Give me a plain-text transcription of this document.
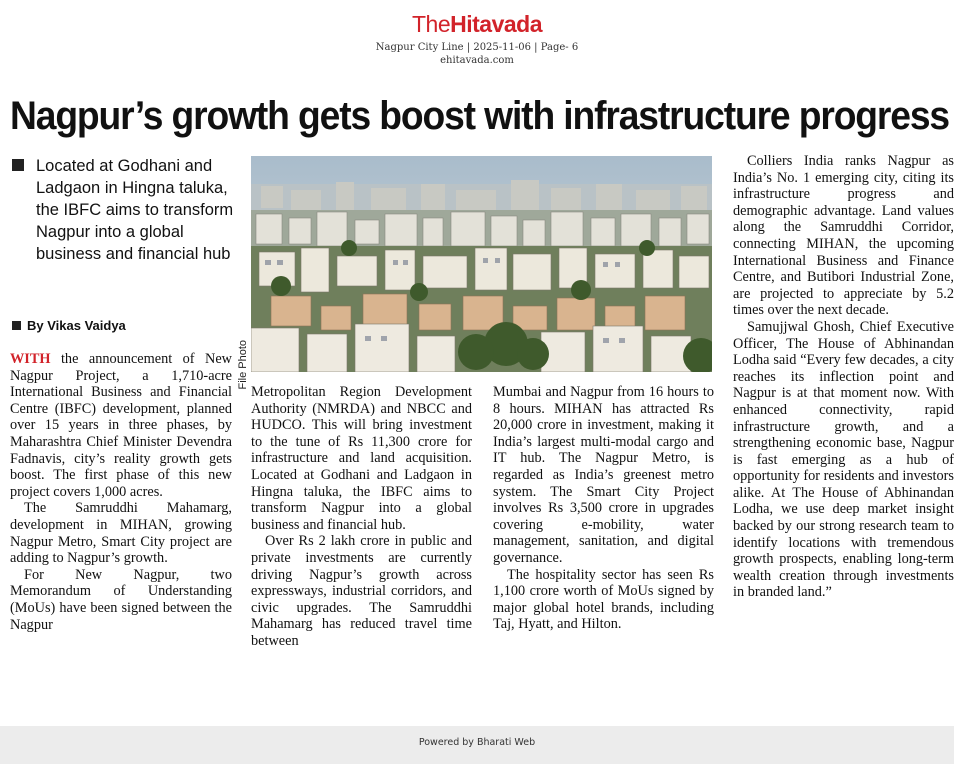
TheHitavada
Nagpur City Line | 2025-11-06 | Page- 6
ehitavada.com
Nagpur’s growth gets boost with infrastructure progress
Located at Godhani and Ladgaon in Hingna taluka, the IBFC aims to transform Nagpur into a global business and financial hub
By Vikas Vaidya
File Photo

WITH the announcement of New Nagpur Project, a 1,710-acre International Business and Financial Centre (IBFC) development, planned over 15 years in three phases, by Maharashtra Chief Minister Devendra Fadnavis, city’s reality growth gets boost. The first phase of this new project covers 1,000 acres.

The Samruddhi Mahamarg, development in MIHAN, growing Nagpur Metro, Smart City project are adding to Nagpur’s growth.

For New Nagpur, two Memorandum of Understanding (MoUs) have been signed between the Nagpur

Metropolitan Region Development Authority (NMRDA) and NBCC and HUDCO. This will bring investment to the tune of Rs 11,300 crore for infrastructure and land acquisition. Located at Godhani and Ladgaon in Hingna taluka, the IBFC aims to transform Nagpur into a global business and financial hub.

Over Rs 2 lakh crore in public and private investments are currently driving Nagpur’s growth across expressways, industrial corridors, and civic upgrades. The Samruddhi Mahamarg has reduced travel time between

Mumbai and Nagpur from 16 hours to 8 hours. MIHAN has attracted Rs 20,000 crore in investment, making it India’s largest multi-modal cargo and IT hub. The Nagpur Metro, is regarded as India’s greenest metro system. The Smart City Project involves Rs 3,500 crore in upgrades covering e-mobility, water management, sanitation, and digital governance.

The hospitality sector has seen Rs 1,100 crore worth of MoUs signed by major global hotel brands, including Taj, Hyatt, and Hilton.

Colliers India ranks Nagpur as India’s No. 1 emerging city, citing its infrastructure progress and demographic advantage. Land values along the Samruddhi Corridor, connecting MIHAN, the upcoming International Business and Finance Centre, and Butibori Industrial Zone, are projected to appreciate by 5.2 times over the next decade.

Samujjwal Ghosh, Chief Executive Officer, The House of Abhinandan Lodha said “Every few decades, a city reaches its inflection point and Nagpur is at that moment now. With enhanced connectivity, rapid infrastructure growth, and a strengthening economic base, Nagpur is fast emerging as a hub of opportunity for residents and investors alike. At The House of Abhinandan Lodha, we use deep market insight backed by our strong research team to identify locations with tremendous growth prospects, enabling long-term wealth creation through investments in branded land.”

Powered by Bharati Web
